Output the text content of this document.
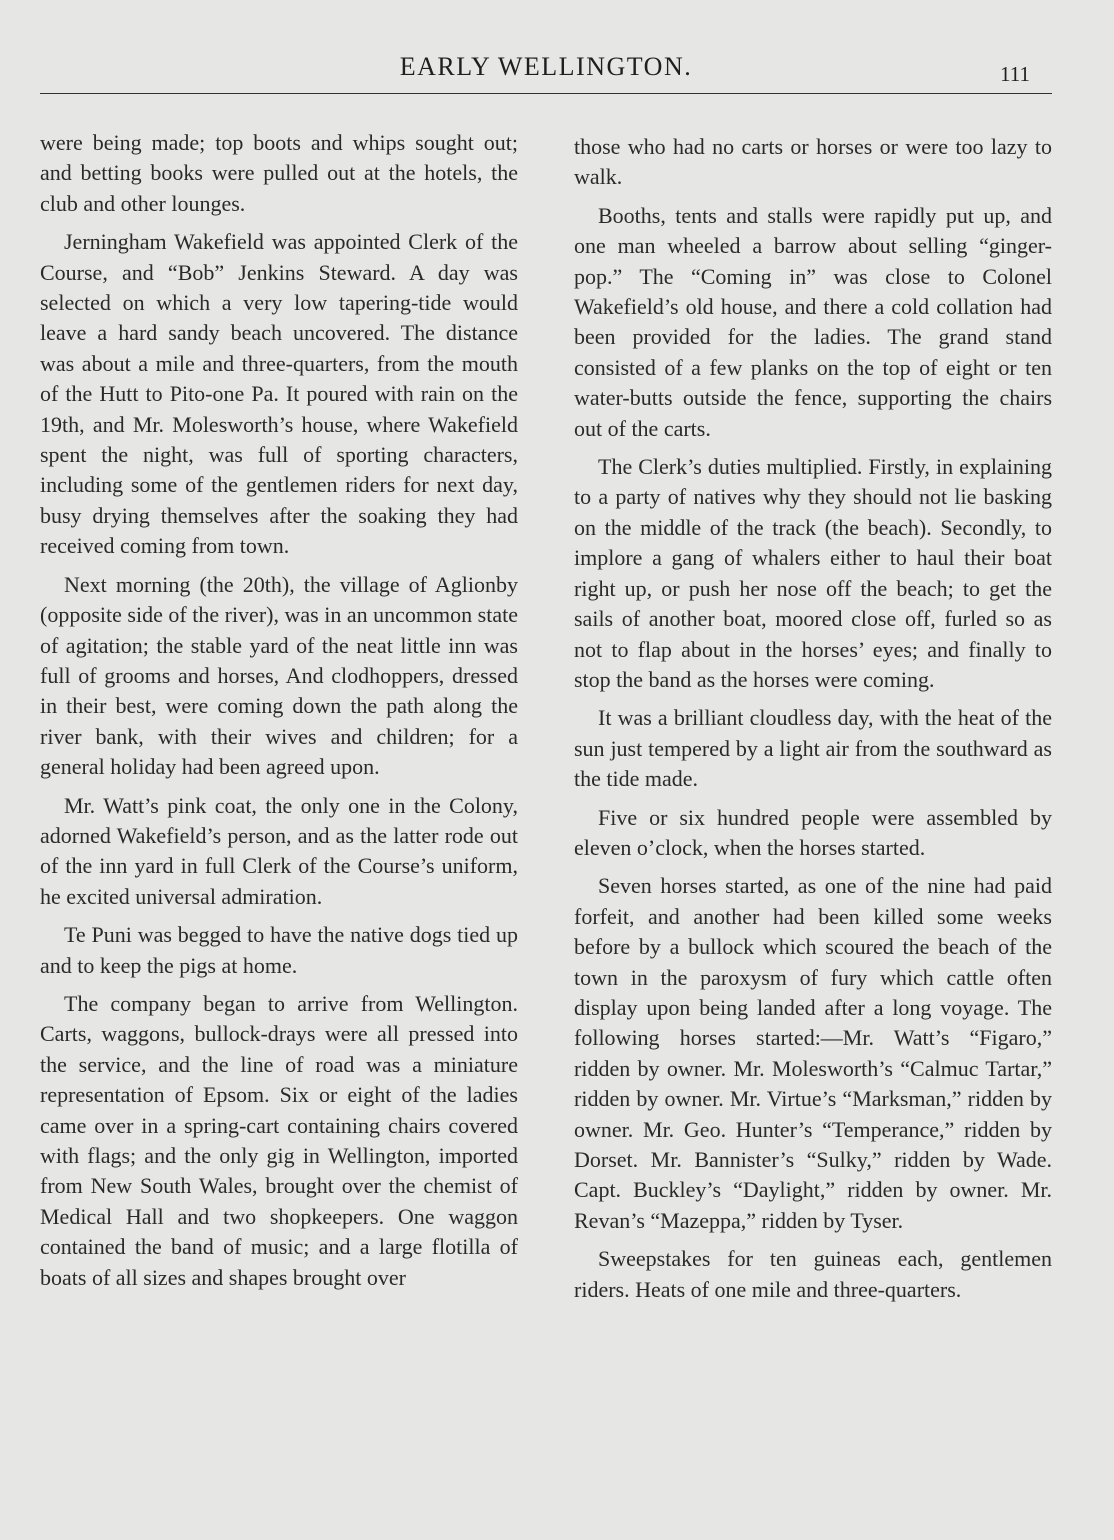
EARLY WELLINGTON.	111

were being made; top boots and whips sought out; and betting books were pulled out at the hotels, the club and other lounges.

Jerningham Wakefield was appointed Clerk of the Course, and “Bob” Jenkins Steward. A day was selected on which a very low tapering-tide would leave a hard sandy beach uncovered. The distance was about a mile and three-quarters, from the mouth of the Hutt to Pito-one Pa. It poured with rain on the 19th, and Mr. Molesworth’s house, where Wakefield spent the night, was full of sporting characters, including some of the gentlemen riders for next day, busy drying themselves after the soaking they had received coming from town.

Next morning (the 20th), the village of Aglionby (opposite side of the river), was in an uncommon state of agitation; the stable yard of the neat little inn was full of grooms and horses, And clodhoppers, dressed in their best, were coming down the path along the river bank, with their wives and children; for a general holiday had been agreed upon.

Mr. Watt’s pink coat, the only one in the Colony, adorned Wakefield’s person, and as the latter rode out of the inn yard in full Clerk of the Course’s uniform, he excited universal admiration.

Te Puni was begged to have the native dogs tied up and to keep the pigs at home.

The company began to arrive from Wellington. Carts, waggons, bullock-drays were all pressed into the service, and the line of road was a miniature representation of Epsom. Six or eight of the ladies came over in a spring-cart containing chairs covered with flags; and the only gig in Wellington, imported from New South Wales, brought over the chemist of Medical Hall and two shopkeepers. One waggon contained the band of music; and a large flotilla of boats of all sizes and shapes brought over

those who had no carts or horses or were too lazy to walk.

Booths, tents and stalls were rapidly put up, and one man wheeled a barrow about selling “ginger-pop.” The “Coming in” was close to Colonel Wakefield’s old house, and there a cold collation had been provided for the ladies. The grand stand consisted of a few planks on the top of eight or ten water-butts outside the fence, supporting the chairs out of the carts.

The Clerk’s duties multiplied. Firstly, in explaining to a party of natives why they should not lie basking on the middle of the track (the beach). Secondly, to implore a gang of whalers either to haul their boat right up, or push her nose off the beach; to get the sails of another boat, moored close off, furled so as not to flap about in the horses’ eyes; and finally to stop the band as the horses were coming.

It was a brilliant cloudless day, with the heat of the sun just tempered by a light air from the southward as the tide made.

Five or six hundred people were assembled by eleven o’clock, when the horses started.

Seven horses started, as one of the nine had paid forfeit, and another had been killed some weeks before by a bullock which scoured the beach of the town in the paroxysm of fury which cattle often display upon being landed after a long voyage. The following horses started:—Mr. Watt’s “Figaro,” ridden by owner. Mr. Molesworth’s “Calmuc Tartar,” ridden by owner. Mr. Virtue’s “Marksman,” ridden by owner. Mr. Geo. Hunter’s “Temperance,” ridden by Dorset. Mr. Bannister’s “Sulky,” ridden by Wade. Capt. Buckley’s “Daylight,” ridden by owner. Mr. Revan’s “Mazeppa,” ridden by Tyser.

Sweepstakes for ten guineas each, gentlemen riders. Heats of one mile and three-quarters.
